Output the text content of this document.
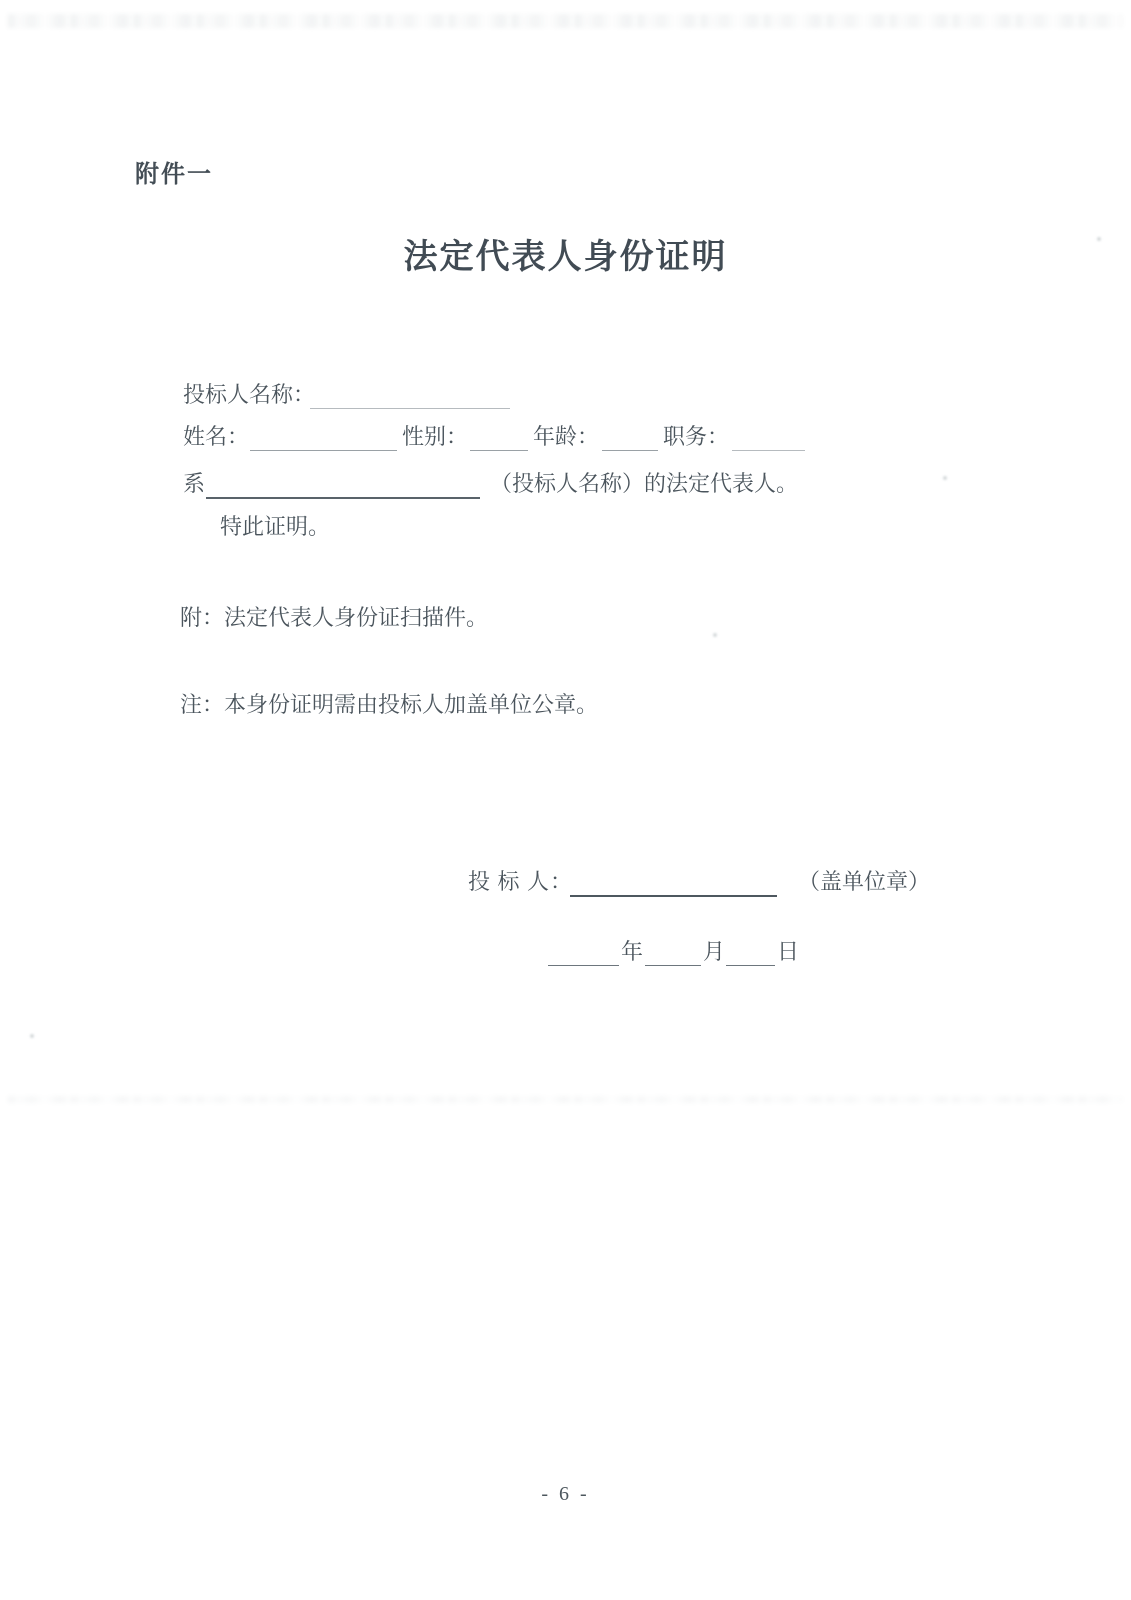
附件一
法定代表人身份证明
投标人名称：
姓名：	性别：	年龄：	职务：
系	（投标人名称）的法定代表人。
特此证明。
附：法定代表人身份证扫描件。
注：本身份证明需由投标人加盖单位公章。
投 标 人：	（盖单位章）
年	月 日
- 6 -
